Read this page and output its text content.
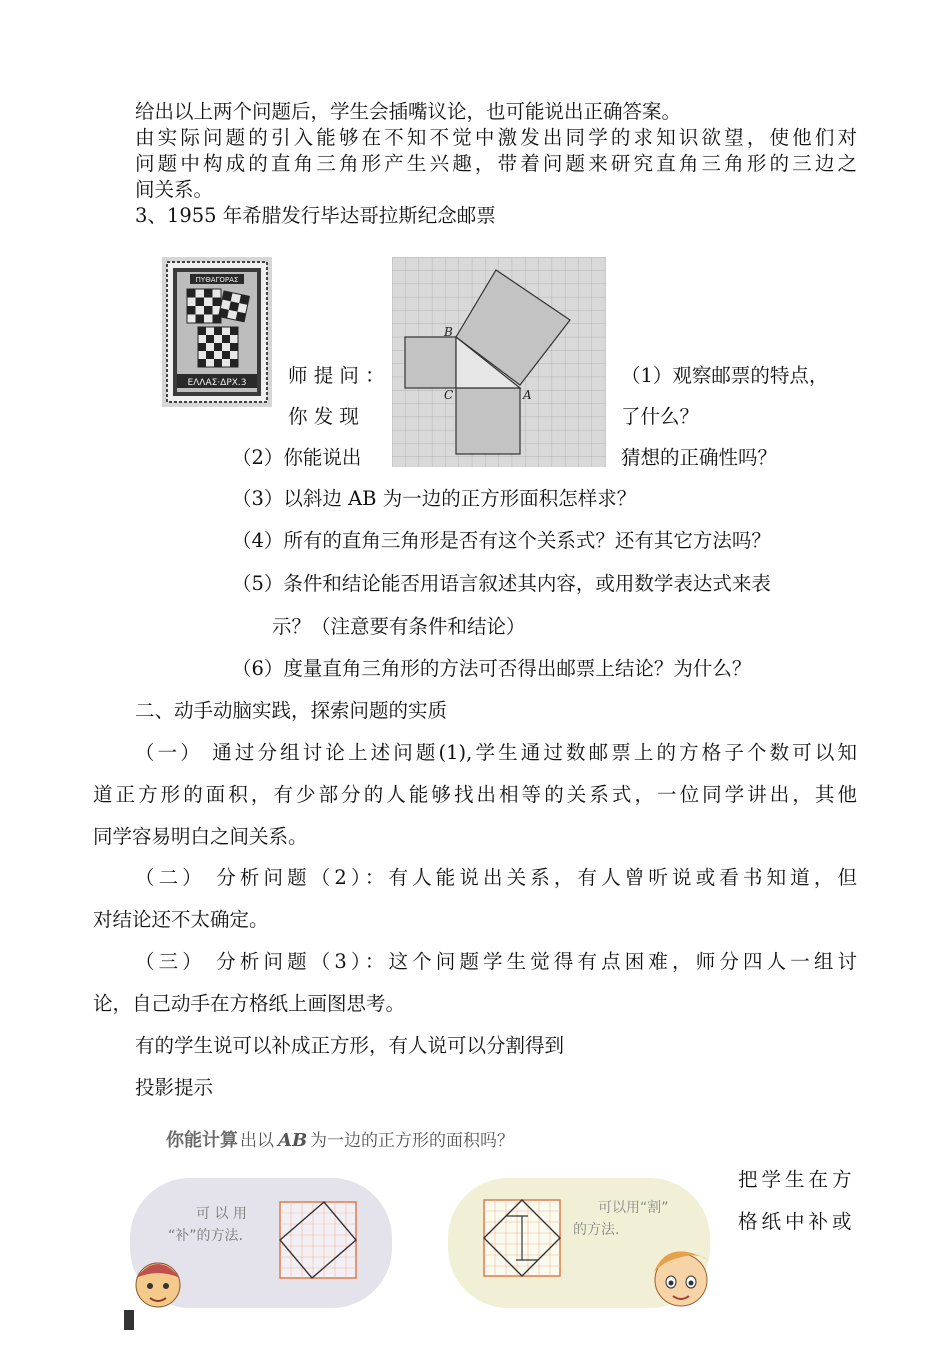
给出以上两个问题后，学生会插嘴议论，也可能说出正确答案。
由实际问题的引入能够在不知不觉中激发出同学的求知识欲望，使他们对
问题中构成的直角三角形产生兴趣，带着问题来研究直角三角形的三边之
间关系。
3、1955 年希腊发行毕达哥拉斯纪念邮票
ΠΥΘΑΓΟΡΑΣ
ΕΛΛΑΣ·ΔΡΧ.3
B
C	A
师 提 问 ：
你 发 现
（1）观察邮票的特点，
了什么？
（2）你能说出	猜想的正确性吗？
（3）以斜边 AB 为一边的正方形面积怎样求？
（4）所有的直角三角形是否有这个关系式？还有其它方法吗？
（5）条件和结论能否用语言叙述其内容，或用数学表达式来表
示？（注意要有条件和结论）
（6）度量直角三角形的方法可否得出邮票上结论？为什么？
二、动手动脑实践，探索问题的实质
（一） 通过分组讨论上述问题(1),学生通过数邮票上的方格子个数可以知
道正方形的面积，有少部分的人能够找出相等的关系式，一位同学讲出，其他
同学容易明白之间关系。
（二） 分析问题（2）：有人能说出关系，有人曾听说或看书知道，但
对结论还不太确定。
（三） 分析问题（3）：这个问题学生觉得有点困难，师分四人一组讨
论，自己动手在方格纸上画图思考。
有的学生说可以补成正方形，有人说可以分割得到
投影提示
你能计算 出以 AB 为一边的正方形的面积吗？
可 以 用
“补”的方法.
可以用“割”
的方法.
把学生在方
格纸中补或
